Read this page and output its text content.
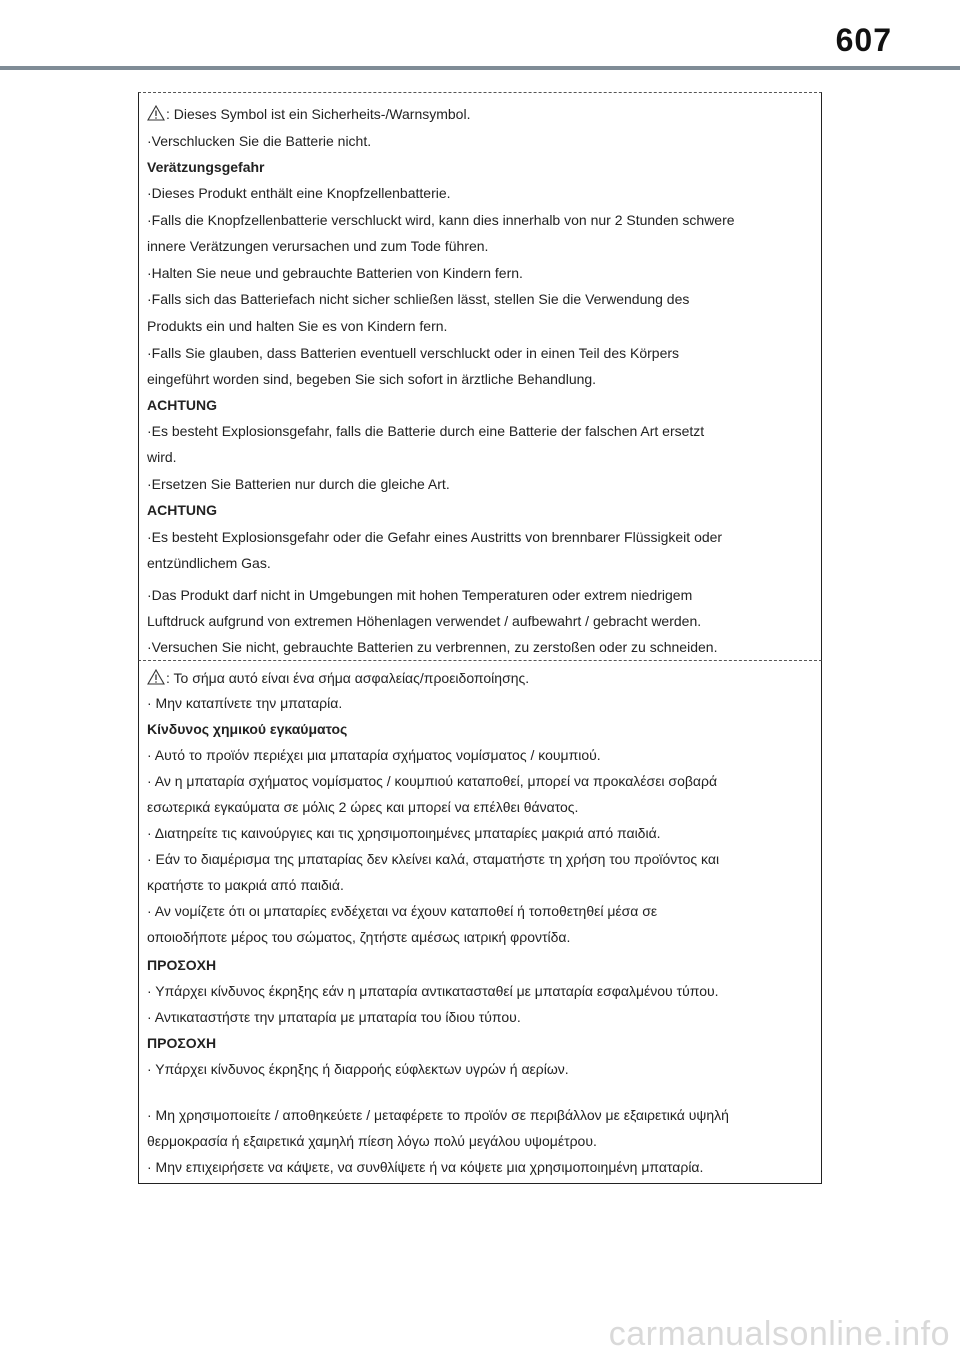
607
: Dieses Symbol ist ein Sicherheits-/Warnsymbol.
·Verschlucken Sie die Batterie nicht.
Verätzungsgefahr
·Dieses Produkt enthält eine Knopfzellenbatterie.
·Falls die Knopfzellenbatterie verschluckt wird, kann dies innerhalb von nur 2 Stunden schwere
innere Verätzungen verursachen und zum Tode führen.
·Halten Sie neue und gebrauchte Batterien von Kindern fern.
·Falls sich das Batteriefach nicht sicher schließen lässt, stellen Sie die Verwendung des
Produkts ein und halten Sie es von Kindern fern.
·Falls Sie glauben, dass Batterien eventuell verschluckt oder in einen Teil des Körpers
eingeführt worden sind, begeben Sie sich sofort in ärztliche Behandlung.
ACHTUNG
·Es besteht Explosionsgefahr, falls die Batterie durch eine Batterie der falschen Art ersetzt
wird.
·Ersetzen Sie Batterien nur durch die gleiche Art.
ACHTUNG
·Es besteht Explosionsgefahr oder die Gefahr eines Austritts von brennbarer Flüssigkeit oder
entzündlichem Gas.
·Das Produkt darf nicht in Umgebungen mit hohen Temperaturen oder extrem niedrigem
Luftdruck aufgrund von extremen Höhenlagen verwendet / aufbewahrt / gebracht werden.
·Versuchen Sie nicht, gebrauchte Batterien zu verbrennen, zu zerstoßen oder zu schneiden.
: Το σήμα αυτό είναι ένα σήμα ασφαλείας/προειδοποίησης.
· Μην καταπίνετε την μπαταρία.
Κίνδυνος χημικού εγκαύματος
· Αυτό το προϊόν περιέχει μια μπαταρία σχήματος νομίσματος / κουμπιού.
· Αν η μπαταρία σχήματος νομίσματος / κουμπιού καταποθεί, μπορεί να προκαλέσει σοβαρά
εσωτερικά εγκαύματα σε μόλις 2 ώρες και μπορεί να επέλθει θάνατος.
· Διατηρείτε τις καινούργιες και τις χρησιμοποιημένες μπαταρίες μακριά από παιδιά.
· Εάν το διαμέρισμα της μπαταρίας δεν κλείνει καλά, σταματήστε τη χρήση του προϊόντος και
κρατήστε το μακριά από παιδιά.
· Αν νομίζετε ότι οι μπαταρίες ενδέχεται να έχουν καταποθεί ή τοποθετηθεί μέσα σε
οποιοδήποτε μέρος του σώματος, ζητήστε αμέσως ιατρική φροντίδα.
ΠΡΟΣΟΧΗ
· Υπάρχει κίνδυνος έκρηξης εάν η μπαταρία αντικατασταθεί με μπαταρία εσφαλμένου τύπου.
· Αντικαταστήστε την μπαταρία με μπαταρία του ίδιου τύπου.
ΠΡΟΣΟΧΗ
· Υπάρχει κίνδυνος έκρηξης ή διαρροής εύφλεκτων υγρών ή αερίων.
· Μη χρησιμοποιείτε / αποθηκεύετε / μεταφέρετε το προϊόν σε περιβάλλον με εξαιρετικά υψηλή
θερμοκρασία ή εξαιρετικά χαμηλή πίεση λόγω πολύ μεγάλου υψομέτρου.
· Μην επιχειρήσετε να κάψετε, να συνθλίψετε ή να κόψετε μια χρησιμοποιημένη μπαταρία.
carmanualsonline.info
